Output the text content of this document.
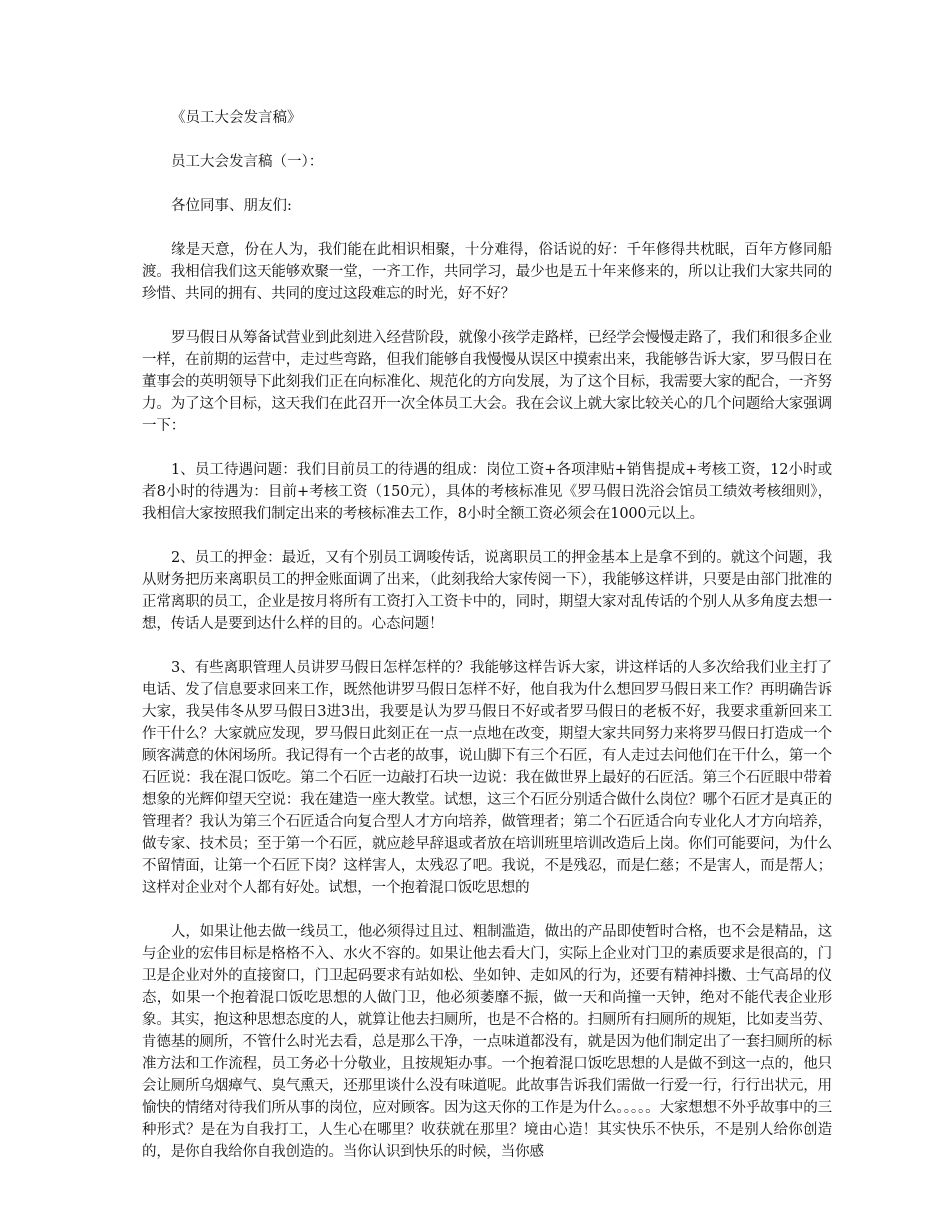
《员工大会发言稿》
员工大会发言稿（一）：
各位同事、朋友们:
缘是天意，份在人为，我们能在此相识相聚，十分难得，俗话说的好：千年修得共枕眠，百年方修同船渡。我相信我们这天能够欢聚一堂，一齐工作，共同学习，最少也是五十年来修来的，所以让我们大家共同的珍惜、共同的拥有、共同的度过这段难忘的时光，好不好？
罗马假日从筹备试营业到此刻进入经营阶段，就像小孩学走路样，已经学会慢慢走路了，我们和很多企业一样，在前期的运营中，走过些弯路，但我们能够自我慢慢从误区中摸索出来，我能够告诉大家，罗马假日在董事会的英明领导下此刻我们正在向标准化、规范化的方向发展，为了这个目标，我需要大家的配合，一齐努力。为了这个目标，这天我们在此召开一次全体员工大会。我在会议上就大家比较关心的几个问题给大家强调一下：
1、员工待遇问题：我们目前员工的待遇的组成：岗位工资+各项津贴+销售提成+考核工资，12小时或者8小时的待遇为：目前+考核工资（150元），具体的考核标准见《罗马假日洗浴会馆员工绩效考核细则》，我相信大家按照我们制定出来的考核标准去工作，8小时全额工资必须会在1000元以上。
2、员工的押金：最近，又有个别员工调唆传话，说离职员工的押金基本上是拿不到的。就这个问题，我从财务把历来离职员工的押金账面调了出来，（此刻我给大家传阅一下），我能够这样讲，只要是由部门批准的正常离职的员工，企业是按月将所有工资打入工资卡中的，同时，期望大家对乱传话的个别人从多角度去想一想，传话人是要到达什么样的目的。心态问题！
3、有些离职管理人员讲罗马假日怎样怎样的？我能够这样告诉大家，讲这样话的人多次给我们业主打了电话、发了信息要求回来工作，既然他讲罗马假日怎样不好，他自我为什么想回罗马假日来工作？再明确告诉大家，我吴伟冬从罗马假日3进3出，我要是认为罗马假日不好或者罗马假日的老板不好，我要求重新回来工作干什么？大家就应发现，罗马假日此刻正在一点一点地在改变，期望大家共同努力来将罗马假日打造成一个顾客满意的休闲场所。我记得有一个古老的故事，说山脚下有三个石匠，有人走过去问他们在干什么，第一个石匠说：我在混口饭吃。第二个石匠一边敲打石块一边说：我在做世界上最好的石匠活。第三个石匠眼中带着想象的光辉仰望天空说：我在建造一座大教堂。试想，这三个石匠分别适合做什么岗位？哪个石匠才是真正的管理者？我认为第三个石匠适合向复合型人才方向培养，做管理者；第二个石匠适合向专业化人才方向培养，做专家、技术员；至于第一个石匠，就应趁早辞退或者放在培训班里培训改造后上岗。你们可能要问，为什么不留情面，让第一个石匠下岗？这样害人，太残忍了吧。我说，不是残忍，而是仁慈；不是害人，而是帮人；这样对企业对个人都有好处。试想，一个抱着混口饭吃思想的
人，如果让他去做一线员工，他必须得过且过、粗制滥造，做出的产品即使暂时合格，也不会是精品，这与企业的宏伟目标是格格不入、水火不容的。如果让他去看大门，实际上企业对门卫的素质要求是很高的，门卫是企业对外的直接窗口，门卫起码要求有站如松、坐如钟、走如风的行为，还要有精神抖擞、士气高昂的仪态，如果一个抱着混口饭吃思想的人做门卫，他必须萎靡不振，做一天和尚撞一天钟，绝对不能代表企业形象。其实，抱这种思想态度的人，就算让他去扫厕所，也是不合格的。扫厕所有扫厕所的规矩，比如麦当劳、肯德基的厕所，不管什么时光去看，总是那么干净，一点味道都没有，就是因为他们制定出了一套扫厕所的标准方法和工作流程，员工务必十分敬业，且按规矩办事。一个抱着混口饭吃思想的人是做不到这一点的，他只会让厕所乌烟瘴气、臭气熏天，还那里谈什么没有味道呢。此故事告诉我们需做一行爱一行，行行出状元，用愉快的情绪对待我们所从事的岗位，应对顾客。因为这天你的工作是为什么。。。。。大家想想不外乎故事中的三种形式？是在为自我打工，人生心在哪里？收获就在那里？境由心造！其实快乐不快乐，不是别人给你创造的，是你自我给你自我创造的。当你认识到快乐的时候，当你感
